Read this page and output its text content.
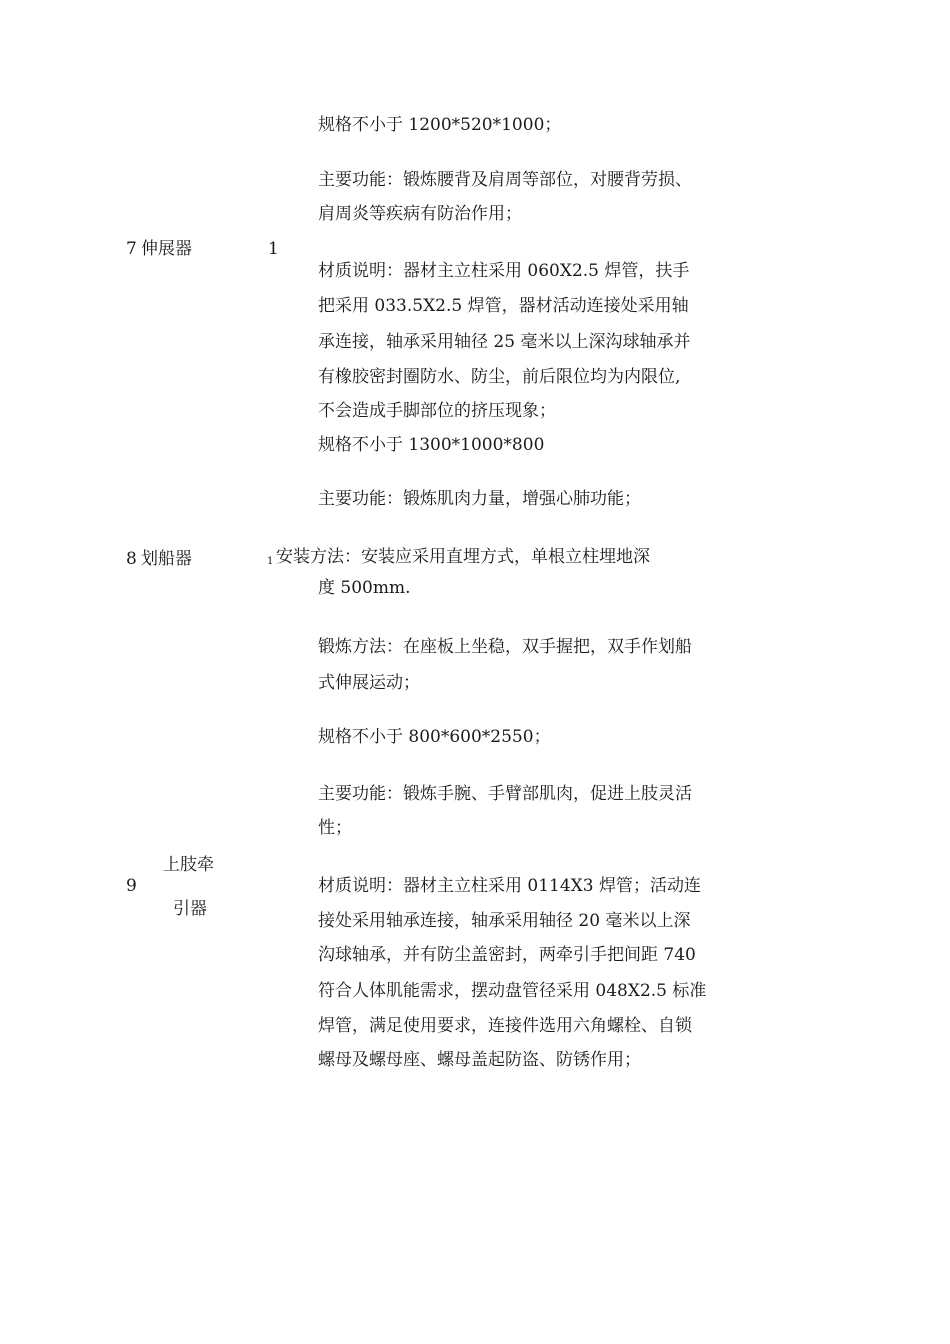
7 伸展器	1
8 划船器	1
9
上肢牵
引器
规格不小于 1200*520*1000；
主要功能：锻炼腰背及肩周等部位，对腰背劳损、
肩周炎等疾病有防治作用；
材质说明：器材主立柱采用 060X2.5 焊管，扶手
把采用 033.5X2.5 焊管，器材活动连接处采用轴
承连接，轴承采用轴径 25 毫米以上深沟球轴承并
有橡胶密封圈防水、防尘，前后限位均为内限位,
不会造成手脚部位的挤压现象；
规格不小于 1300*1000*800
主要功能：锻炼肌肉力量，增强心肺功能；
安装方法：安装应采用直埋方式，单根立柱埋地深
度 500mm.
锻炼方法：在座板上坐稳，双手握把，双手作划船
式伸展运动；
规格不小于 800*600*2550；
主要功能：锻炼手腕、手臂部肌肉，促进上肢灵活
性；
材质说明：器材主立柱采用 0114X3 焊管；活动连
接处采用轴承连接，轴承采用轴径 20 毫米以上深
沟球轴承，并有防尘盖密封，两牵引手把间距 740
符合人体肌能需求，摆动盘管径采用 048X2.5 标准
焊管，满足使用要求，连接件选用六角螺栓、自锁
螺母及螺母座、螺母盖起防盗、防锈作用；
